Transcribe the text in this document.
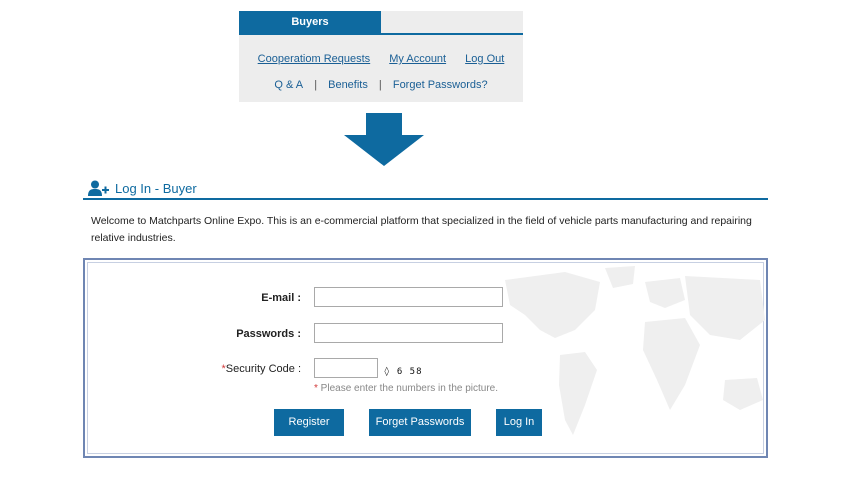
Buyers
Cooperatiom Requests My Account Log Out
Q & A | Benefits | Forget Passwords?
Log In - Buyer
Welcome to Matchparts Online Expo. This is an e-commercial platform that specialized in the field of vehicle parts manufacturing and repairing relative industries.
E-mail :
Passwords :
*Security Code :	◊ 6 58
* Please enter the numbers in the picture.
Register	Forget Passwords	Log In
